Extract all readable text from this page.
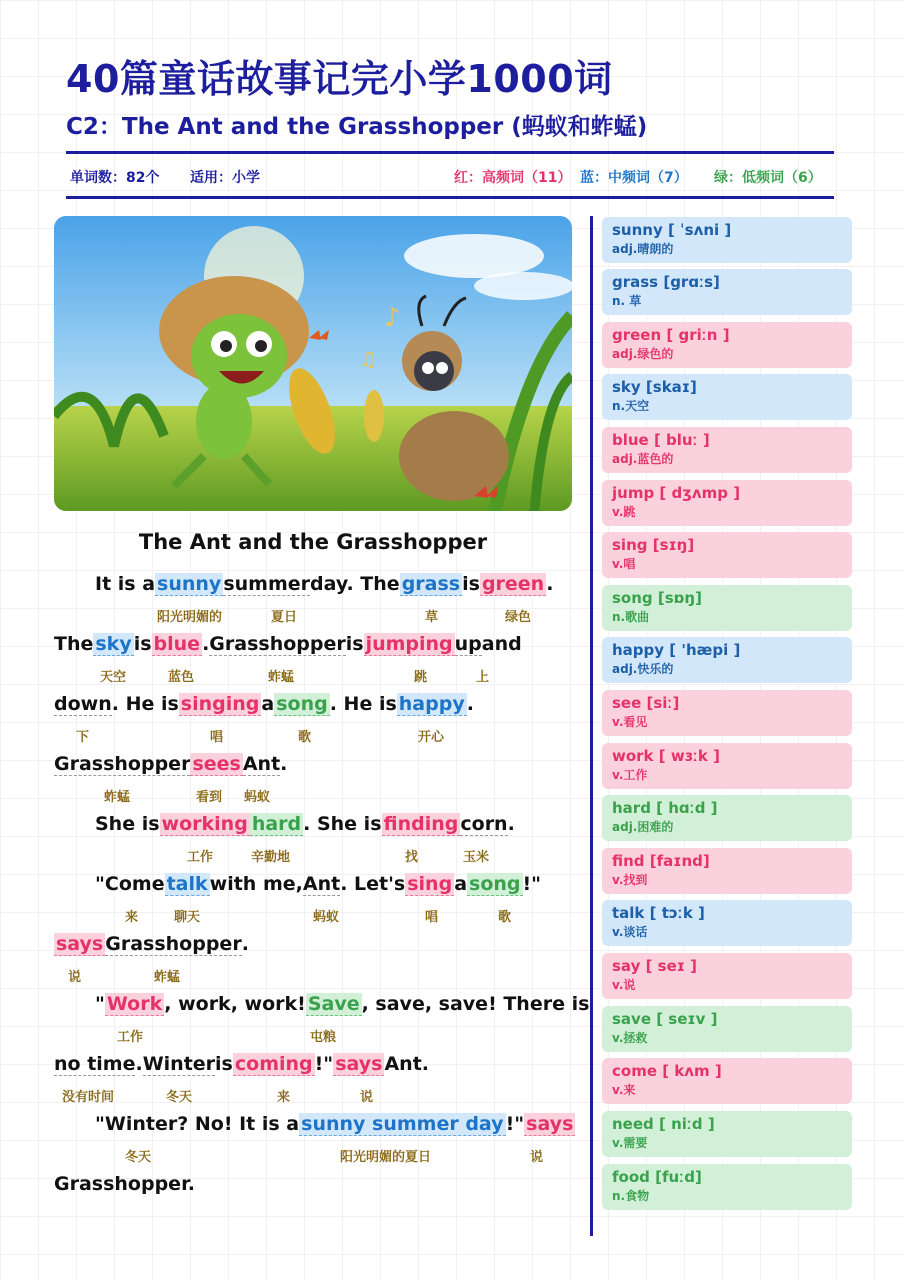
40篇童话故事记完小学1000词
C2：The Ant and the Grasshopper (蚂蚁和蚱蜢)
单词数：82个 适用：小学	红：高频词（11） 蓝：中频词（7） 绿：低频词（6）
♪
♫
The Ant and the Grasshopper
It is asunny summerday. Thegrassisgreen .
阳光明媚的	夏日	草	绿色
Theskyisblue .Grasshopperisjumping upand
天空	蓝色	蚱蜢	跳	上
down. He issingingasong . He ishappy .
下	唱	歌	开心
Grasshopper sees Ant.
蚱蜢	看到 蚂蚁
She isworking hard . She isfinding corn.
工作	辛勤地	找	玉米
"Cometalkwith me,Ant. Let'ssingasong !"
来	聊天	蚂蚁	唱	歌
says Grasshopper.
说	蚱蜢
" Work , work, work!Save , save, save! There is
工作	屯粮
no time.Winteriscoming !"saysAnt.
没有时间	冬天	来	说
"Winter? No! It is asunny summer day !"says
冬天	阳光明媚的夏日	说
Grasshopper.
sunny [ ˈsʌni ]
adj.晴朗的
grass [grɑːs]
n. 草
green [ griːn ]
adj.绿色的
sky [skaɪ]
n.天空
blue [ bluː ]
adj.蓝色的
jump [ dʒʌmp ]
v.跳
sing [sɪŋ]
v.唱
song [sɒŋ]
n.歌曲
happy [ 'hæpi ]
adj.快乐的
see [siː]
v.看见
work [ wɜːk ]
v.工作
hard [ hɑːd ]
adj.困难的
find [faɪnd]
v.找到
talk [ tɔːk ]
v.谈话
say [ seɪ ]
v.说
save [ seɪv ]
v.拯救
come [ kʌm ]
v.来
need [ niːd ]
v.需要
food [fuːd]
n.食物
